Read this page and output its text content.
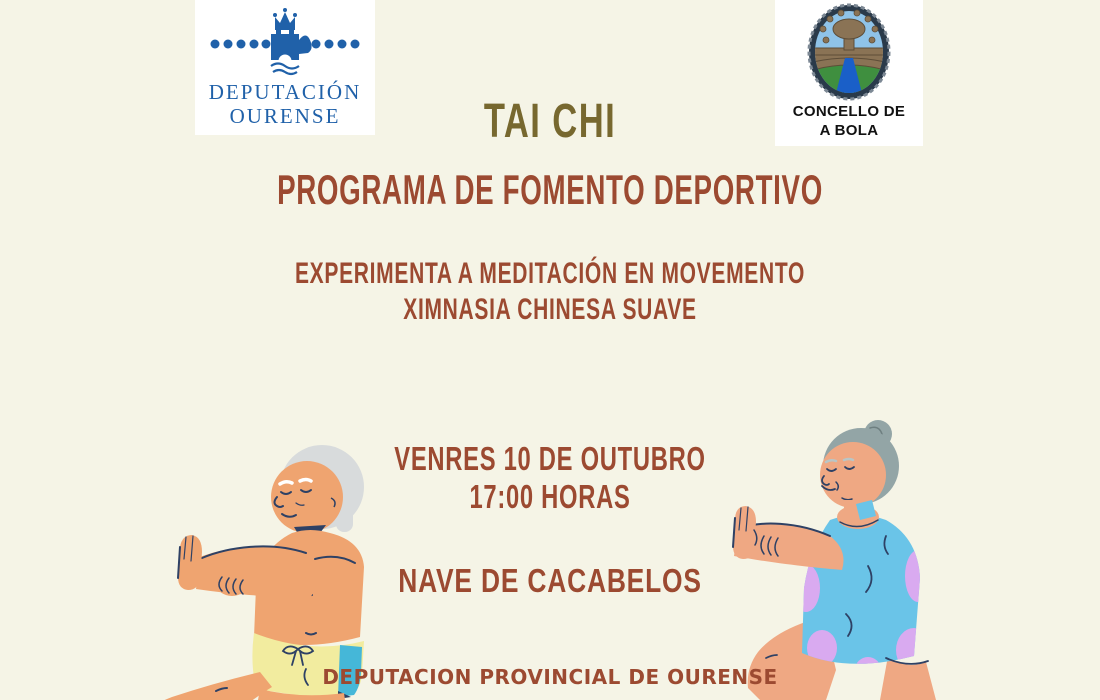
DEPUTACIÓN
OURENSE	CONCELLO DE
A BOLA
TAI CHI
PROGRAMA DE FOMENTO DEPORTIVO
EXPERIMENTA A MEDITACIÓN EN MOVEMENTO
XIMNASIA CHINESA SUAVE
VENRES 10 DE OUTUBRO
17:00 HORAS
NAVE DE CACABELOS
DEPUTACION PROVINCIAL DE OURENSE
